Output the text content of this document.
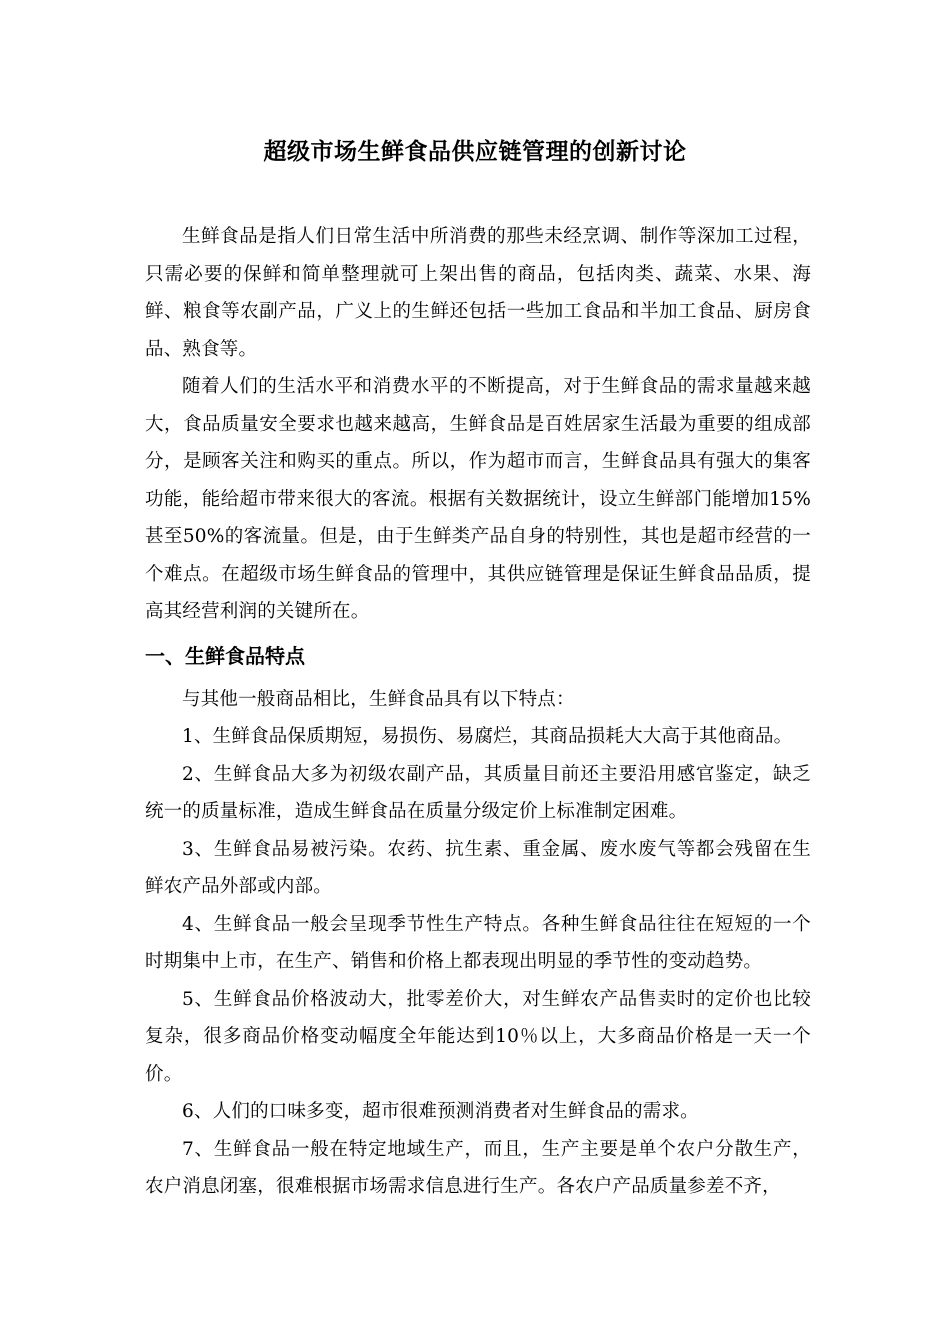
超级市场生鲜食品供应链管理的创新讨论

生鲜食品是指人们日常生活中所消费的那些未经烹调、制作等深加工过程，只需必要的保鲜和简单整理就可上架出售的商品，包括肉类、蔬菜、水果、海鲜、粮食等农副产品，广义上的生鲜还包括一些加工食品和半加工食品、厨房食品、熟食等。

随着人们的生活水平和消费水平的不断提高，对于生鲜食品的需求量越来越大，食品质量安全要求也越来越高，生鲜食品是百姓居家生活最为重要的组成部分，是顾客关注和购买的重点。所以，作为超市而言，生鲜食品具有强大的集客功能，能给超市带来很大的客流。根据有关数据统计，设立生鲜部门能增加15%甚至50%的客流量。但是，由于生鲜类产品自身的特别性，其也是超市经营的一个难点。在超级市场生鲜食品的管理中，其供应链管理是保证生鲜食品品质，提高其经营利润的关键所在。

一、生鲜食品特点

与其他一般商品相比，生鲜食品具有以下特点：

1、生鲜食品保质期短，易损伤、易腐烂，其商品损耗大大高于其他商品。

2、生鲜食品大多为初级农副产品，其质量目前还主要沿用感官鉴定，缺乏统一的质量标准，造成生鲜食品在质量分级定价上标准制定困难。

3、生鲜食品易被污染。农药、抗生素、重金属、废水废气等都会残留在生鲜农产品外部或内部。

4、生鲜食品一般会呈现季节性生产特点。各种生鲜食品往往在短短的一个时期集中上市，在生产、销售和价格上都表现出明显的季节性的变动趋势。

5、生鲜食品价格波动大，批零差价大，对生鲜农产品售卖时的定价也比较复杂，很多商品价格变动幅度全年能达到10％以上，大多商品价格是一天一个价。

6、人们的口味多变，超市很难预测消费者对生鲜食品的需求。

7、生鲜食品一般在特定地域生产，而且，生产主要是单个农户分散生产，农户消息闭塞，很难根据市场需求信息进行生产。各农户产品质量参差不齐，
